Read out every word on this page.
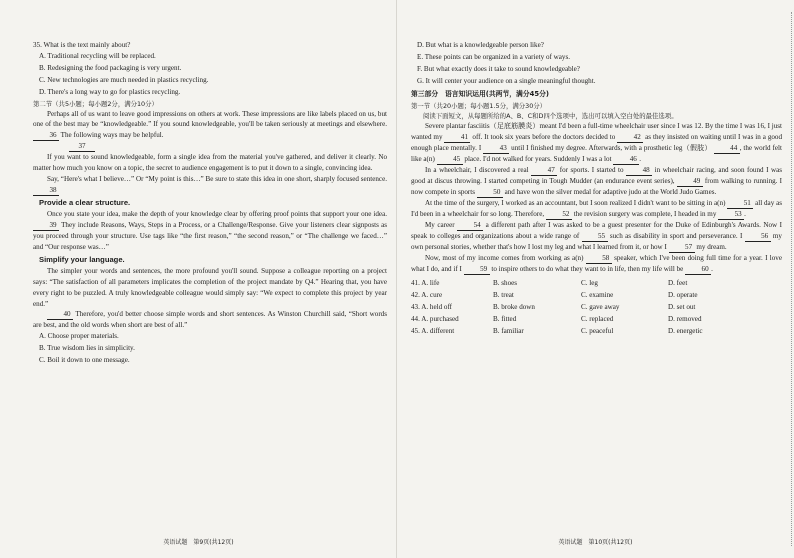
35. What is the text mainly about?

A. Traditional recycling will be replaced.

B. Redesigning the food packaging is very urgent.

C. New technologies are much needed in plastics recycling.

D. There's a long way to go for plastics recycling.

第二节（共5小题；每小题2分，满分10分）

Perhaps all of us want to leave good impressions on others at work. These impressions are like labels placed on us, but one of the best may be “knowledgeable.” If you sound knowledgeable, you'll be taken seriously at meetings and elsewhere. 36 The following ways may be helpful.

37

If you want to sound knowledgeable, form a single idea from the material you've gathered, and deliver it clearly. No matter how much you know on a topic, the secret to audience engagement is to put it down to a single, convincing idea.

Say, “Here's what I believe…” Or “My point is this…” Be sure to state this idea in one short, sharply focused sentence. 38

Provide a clear structure.

Once you state your idea, make the depth of your knowledge clear by offering proof points that support your one idea. 39 They include Reasons, Ways, Steps in a Process, or a Challenge/Response. Give your listeners clear signposts as you proceed through your structure. Use tags like “the first reason,” “the second reason,” or “The challenge we faced…” and “Our response was…”

Simplify your language.

The simpler your words and sentences, the more profound you'll sound. Suppose a colleague reporting on a project says: “The satisfaction of all parameters implicates the completion of the project mandate by Q4.” Hearing that, you have every right to be puzzled. A truly knowledgeable colleague would simply say: “We expect to complete this project by year end.”

40 Therefore, you'd better choose simple words and short sentences. As Winston Churchill said, “Short words are best, and the old words when short are best of all.”

A. Choose proper materials.

B. True wisdom lies in simplicity.

C. Boil it down to one message.

英语试题　第9页(共12页)

D. But what is a knowledgeable person like?

E. These points can be organized in a variety of ways.

F. But what exactly does it take to sound knowledgeable?

G. It will center your audience on a single meaningful thought.

第三部分　语言知识运用(共两节，满分45分)
第一节（共20小题；每小题1.5分，满分30分）
阅读下面短文，从每题所给的A、B、C和D四个选项中，选出可以填入空白处的最佳选项。

Severe plantar fasciitis（足底筋膜炎）meant I'd been a full-time wheelchair user since I was 12. By the time I was 16, I just wanted my	41 off. It took six years before the doctors decided to	42 as they insisted on waiting until I was in a good enough place mentally. I	43 until I finished my degree. Afterwards, with a prosthetic leg（假肢）	44 , the world felt like a(n)	45 place. I'd not walked for years. Suddenly I was a lot	46 .

In a wheelchair, I discovered a real	47 for sports. I started to	48 in wheelchair racing, and soon found I was good at discus throwing. I started competing in Tough Mudder (an endurance event series),	49 from walking to running. I now compete in sports	50 and have won the silver medal for adaptive judo at the World Judo Games.

At the time of the surgery, I worked as an accountant, but I soon realized I didn't want to be sitting in a(n)	51 all day as I'd been in a wheelchair for so long. Therefore,	52 the revision surgery was complete, I headed in my	53 .

My career	54 a different path after I was asked to be a guest presenter for the Duke of Edinburgh's Awards. Now I speak to colleges and organizations about a wide range of	55 such as disability in sport and perseverance. I	56 my own personal stories, whether that's how I lost my leg and what I learned from it, or how I	57 my dream.

Now, most of my income comes from working as a(n)	58 speaker, which I've been doing full time for a year. I love what I do, and if I	59 to inspire others to do what they want to in life, then my life will be	60 .

41. A. life	B. shoes	C. leg	D. feet
42. A. cure	B. treat	C. examine	D. operate
43. A. held off	B. broke down	C. gave away	D. set out
44. A. purchased	B. fitted	C. replaced	D. removed
45. A. different	B. familiar	C. peaceful	D. energetic
英语试题　第10页(共12页)
